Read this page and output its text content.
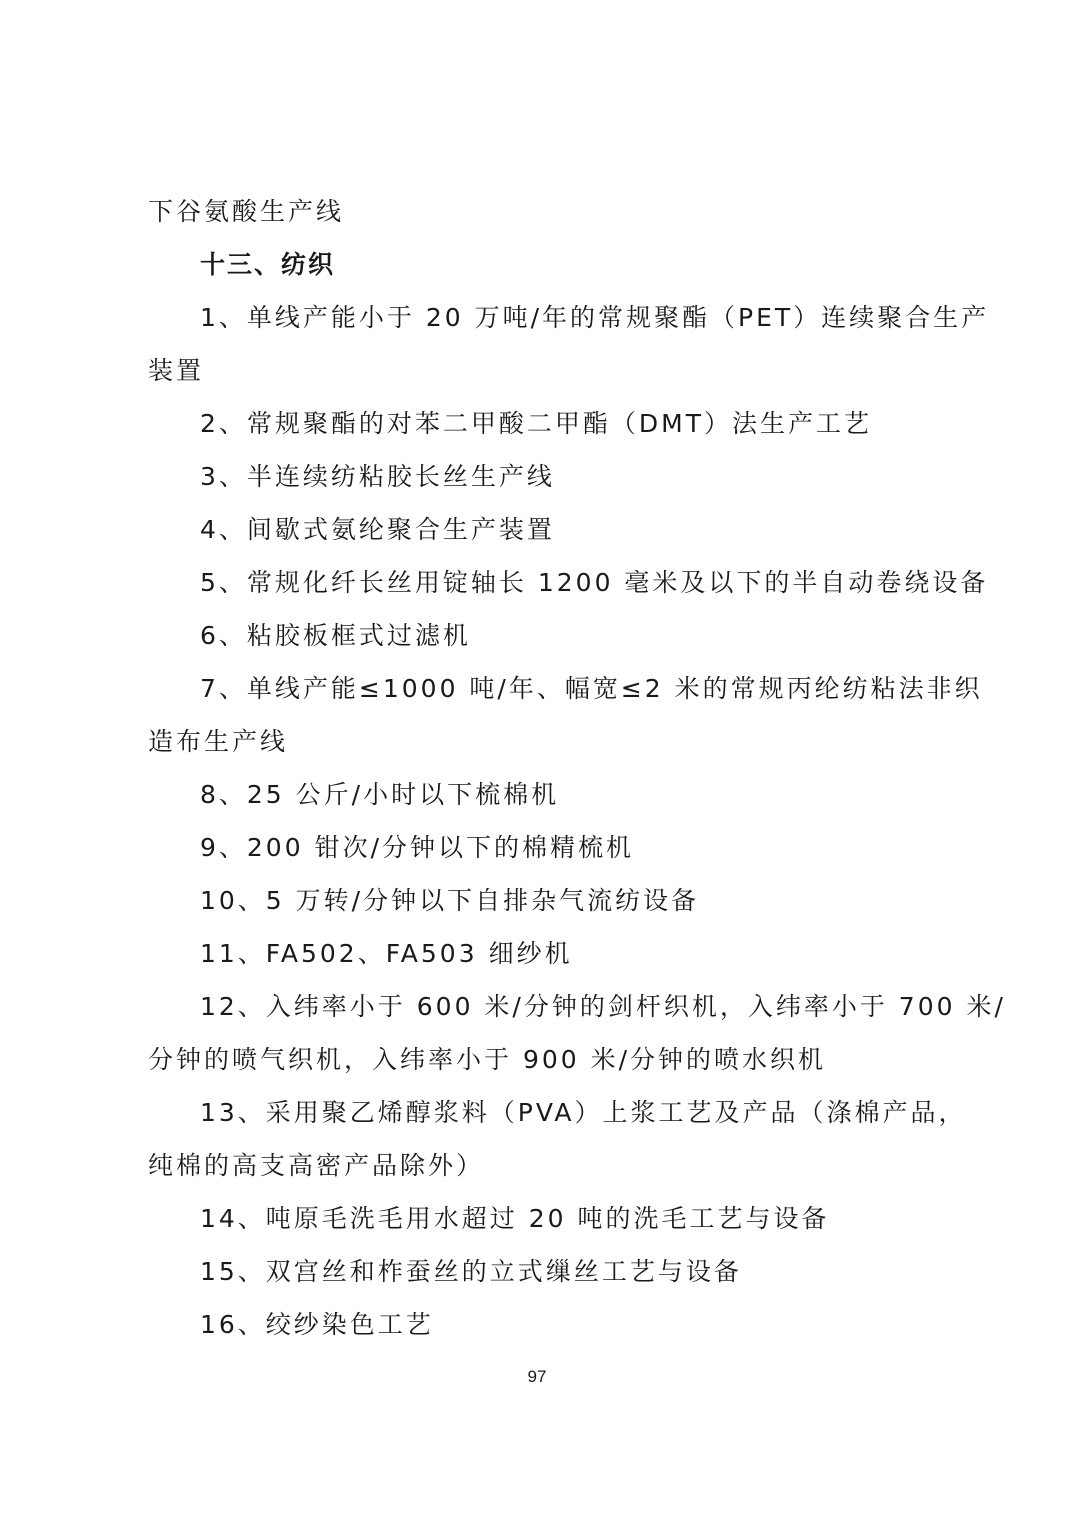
下谷氨酸生产线
十三、纺织
1、单线产能小于 20 万吨/年的常规聚酯（PET）连续聚合生产
装置
2、常规聚酯的对苯二甲酸二甲酯（DMT）法生产工艺
3、半连续纺粘胶长丝生产线
4、间歇式氨纶聚合生产装置
5、常规化纤长丝用锭轴长 1200 毫米及以下的半自动卷绕设备
6、粘胶板框式过滤机
7、单线产能≤1000 吨/年、幅宽≤2 米的常规丙纶纺粘法非织
造布生产线
8、25 公斤/小时以下梳棉机
9、200 钳次/分钟以下的棉精梳机
10、5 万转/分钟以下自排杂气流纺设备
11、FA502、FA503 细纱机
12、入纬率小于 600 米/分钟的剑杆织机，入纬率小于 700 米/
分钟的喷气织机，入纬率小于 900 米/分钟的喷水织机
13、采用聚乙烯醇浆料（PVA）上浆工艺及产品（涤棉产品，
纯棉的高支高密产品除外）
14、吨原毛洗毛用水超过 20 吨的洗毛工艺与设备
15、双宫丝和柞蚕丝的立式缫丝工艺与设备
16、绞纱染色工艺
97
